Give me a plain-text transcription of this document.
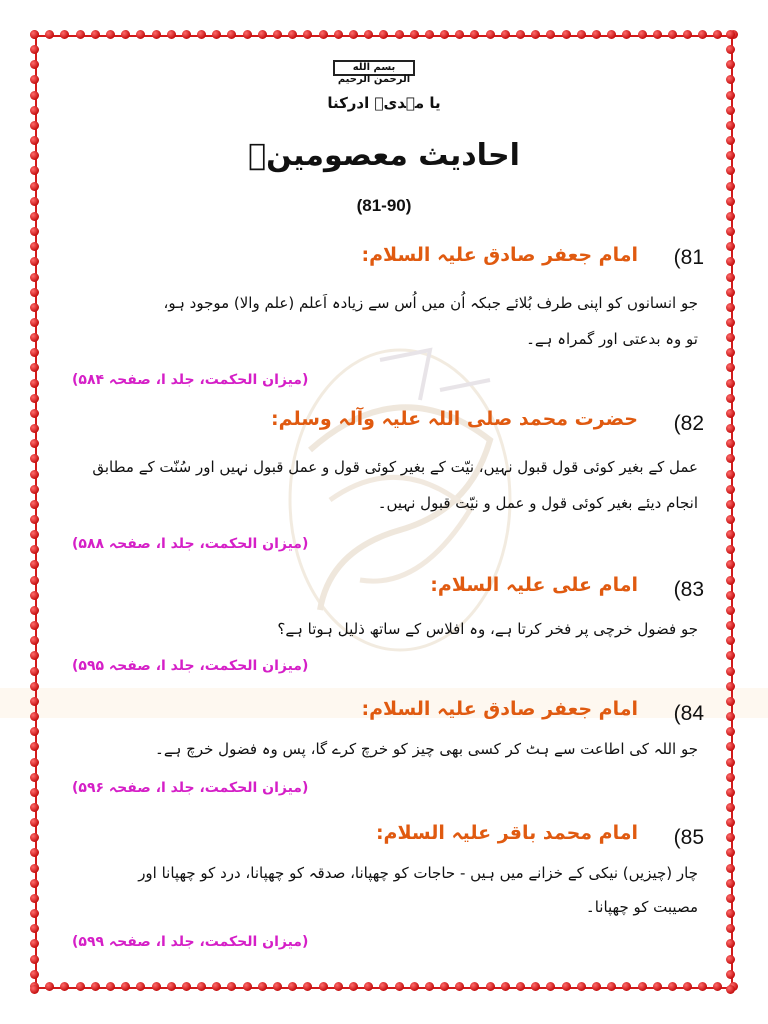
بسم الله الرحمن الرحيم
یا مہدیؑ ادرکنا
احادیث معصومینؑ
(81-90)
(81
امام جعفر صادق علیہ السلام:
جو انسانوں کو اپنی طرف بُلائے جبکہ اُن میں اُس سے زیادہ اَعلم (علم والا) موجود ہو،
تو وہ بدعتی اور گمراہ ہے۔
(میزان الحکمت، جلد ا، صفحہ ۵۸۴)
(82
حضرت محمد صلی اللہ علیہ وآلہ وسلم:
عمل کے بغیر کوئی قول قبول نہیں، نیّت کے بغیر کوئی قول و عمل قبول نہیں اور سُنّت کے مطابق
انجام دیئے بغیر کوئی قول و عمل و نیّت قبول نہیں۔
(میزان الحکمت، جلد ا، صفحہ ۵۸۸)
(83
امام علی علیہ السلام:
جو فضول خرچی پر فخر کرتا ہے، وہ افلاس کے ساتھ ذلیل ہوتا ہے؟
(میزان الحکمت، جلد ا، صفحہ ۵۹۵)
(84
امام جعفر صادق علیہ السلام:
جو اللہ کی اطاعت سے ہٹ کر کسی بھی چیز کو خرچ کرے گا، پس وہ فضول خرچ ہے۔
(میزان الحکمت، جلد ا، صفحہ ۵۹۶)
(85
امام محمد باقر علیہ السلام:
چار (چیزیں) نیکی کے خزانے میں ہیں - حاجات کو چھپانا، صدقہ کو چھپانا، درد کو چھپانا اور
مصیبت کو چھپانا۔
(میزان الحکمت، جلد ا، صفحہ ۵۹۹)
